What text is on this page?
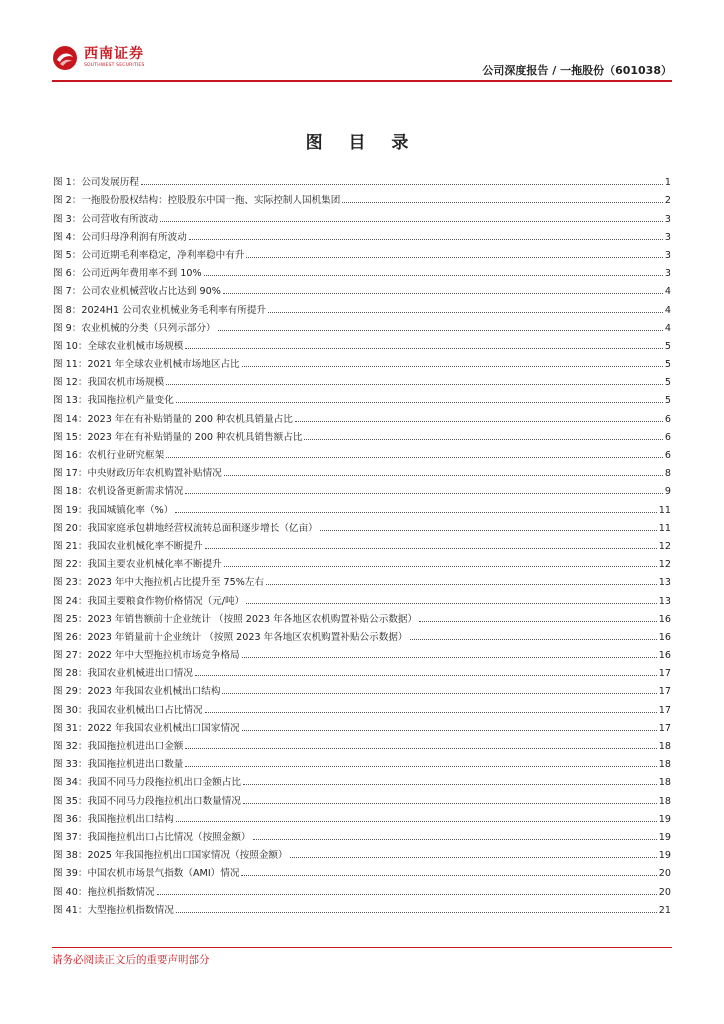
西南证券
SOUTHWEST SECURITIES	公司深度报告 / 一拖股份（601038）
图 目 录
图 1： 公司发展历程	1
图 2： 一拖股份股权结构：控股股东中国一拖、实际控制人国机集团	2
图 3： 公司营收有所波动	3
图 4： 公司归母净利润有所波动	3
图 5： 公司近期毛利率稳定，净利率稳中有升	3
图 6： 公司近两年费用率不到 10%	3
图 7： 公司农业机械营收占比达到 90%	4
图 8： 2024H1 公司农业机械业务毛利率有所提升	4
图 9： 农业机械的分类（只列示部分）	4
图 10： 全球农业机械市场规模	5
图 11： 2021 年全球农业机械市场地区占比	5
图 12： 我国农机市场规模	5
图 13： 我国拖拉机产量变化	5
图 14： 2023 年在有补贴销量的 200 种农机具销量占比	6
图 15： 2023 年在有补贴销量的 200 种农机具销售额占比	6
图 16： 农机行业研究框架	6
图 17： 中央财政历年农机购置补贴情况	8
图 18： 农机设备更新需求情况	9
图 19： 我国城镇化率（%）	11
图 20： 我国家庭承包耕地经营权流转总面积逐步增长（亿亩）	11
图 21： 我国农业机械化率不断提升	12
图 22： 我国主要农业机械化率不断提升	12
图 23： 2023 年中大拖拉机占比提升至 75%左右	13
图 24： 我国主要粮食作物价格情况（元/吨）	13
图 25： 2023 年销售额前十企业统计 （按照 2023 年各地区农机购置补贴公示数据）	16
图 26： 2023 年销量前十企业统计 （按照 2023 年各地区农机购置补贴公示数据）	16
图 27： 2022 年中大型拖拉机市场竞争格局	16
图 28： 我国农业机械进出口情况	17
图 29： 2023 年我国农业机械出口结构	17
图 30： 我国农业机械出口占比情况	17
图 31： 2022 年我国农业机械出口国家情况	17
图 32： 我国拖拉机进出口金额	18
图 33： 我国拖拉机进出口数量	18
图 34： 我国不同马力段拖拉机出口金额占比	18
图 35： 我国不同马力段拖拉机出口数量情况	18
图 36： 我国拖拉机出口结构	19
图 37： 我国拖拉机出口占比情况（按照金额）	19
图 38： 2025 年我国拖拉机出口国家情况（按照金额）	19
图 39： 中国农机市场景气指数（AMI）情况	20
图 40： 拖拉机指数情况	20
图 41： 大型拖拉机指数情况	21
请务必阅读正文后的重要声明部分
